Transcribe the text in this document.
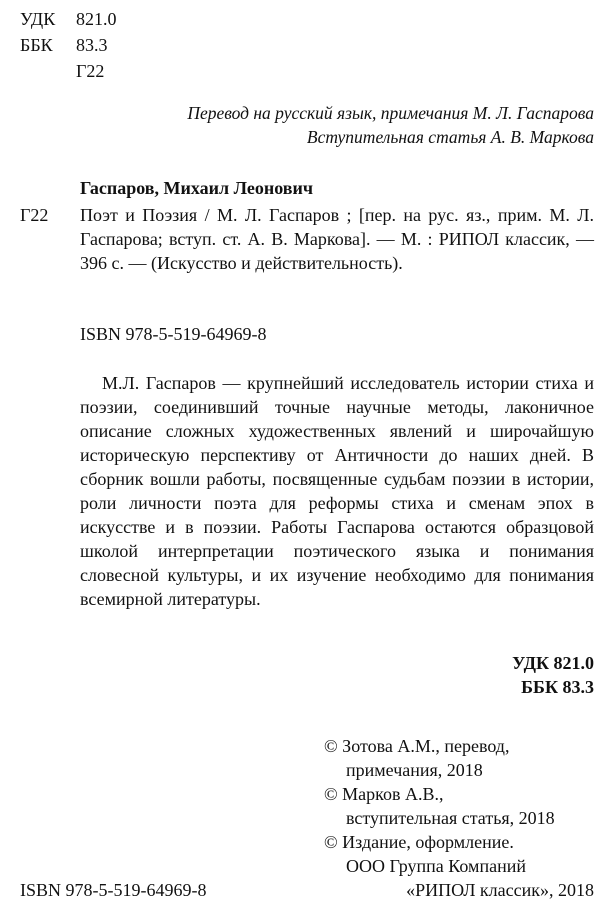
УДК	821.0
ББК	83.3
Г22
Перевод на русский язык, примечания М. Л. Гаспарова
Вступительная статья А. В. Маркова
Гаспаров, Михаил Леонович
Г22 Поэт и Поэзия / М. Л. Гаспаров ; [пер. на рус. яз., прим. М. Л. Гаспарова; вступ. ст. А. В. Маркова]. — М. : РИПОЛ классик, — 396 с. — (Искусство и действительность).
ISBN 978-5-519-64969-8
М.Л. Гаспаров — крупнейший исследователь истории стиха и поэзии, соединивший точные научные методы, лаконичное описание сложных художественных явлений и широчайшую историческую перспективу от Античности до наших дней. В сборник вошли работы, посвященные судьбам поэзии в истории, роли личности поэта для реформы стиха и сменам эпох в искусстве и в поэзии. Работы Гаспарова остаются образцовой школой интерпретации поэтического языка и понимания словесной культуры, и их изучение необходимо для понимания всемирной литературы.
УДК 821.0
ББК 83.3
© Зотова А.М., перевод,
примечания, 2018
© Марков А.В.,
вступительная статья, 2018
© Издание, оформление.
ООО Группа Компаний
«РИПОЛ классик», 2018
ISBN 978-5-519-64969-8
